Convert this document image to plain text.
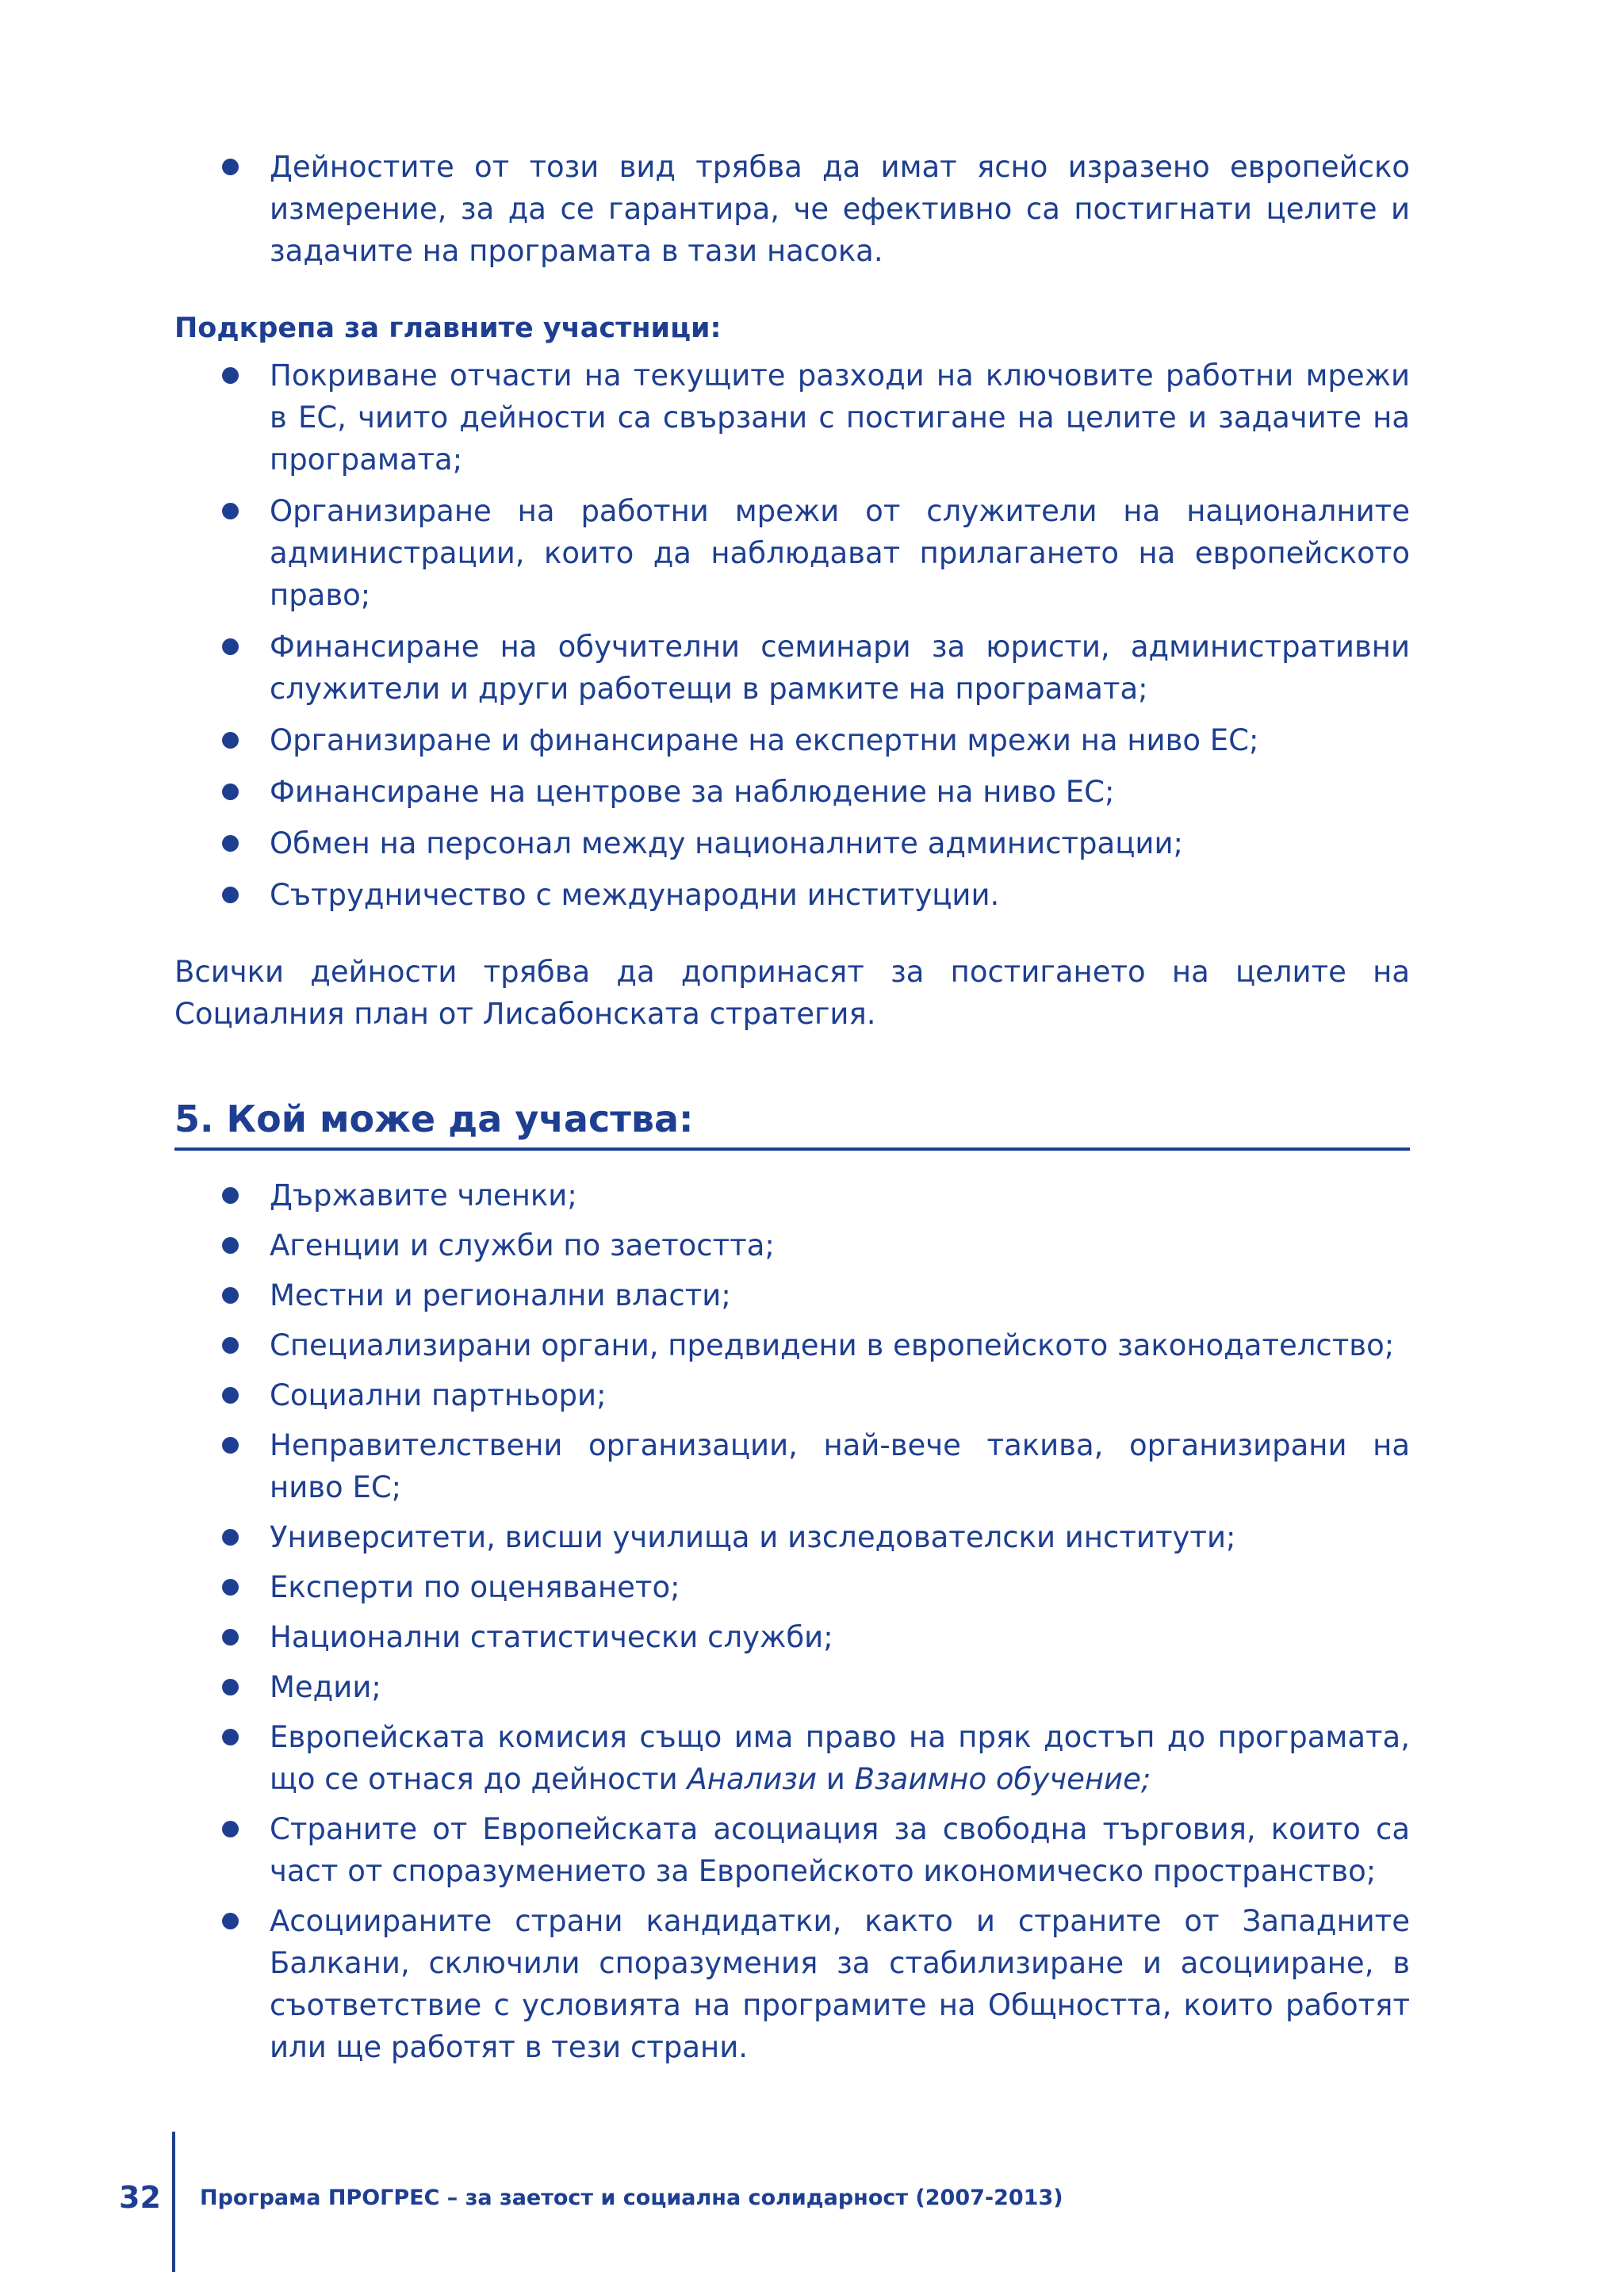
Дейностите от този вид трябва да имат ясно изразено европейско измерение, за да се гарантира, че ефективно са постигнати целите и задачите на програмата в тази насока.
Подкрепа за главните участници:
Покриване отчасти на текущите разходи на ключовите работни мрежи в ЕС, чиито дейности са свързани с постигане на целите и задачите на програмата;
Организиране на работни мрежи от служители на националните администрации, които да наблюдават прилагането на европейското право;
Финансиране на обучителни семинари за юристи, административни служители и други работещи в рамките на програмата;
Организиране и финансиране на експертни мрежи на ниво ЕС;
Финансиране на центрове за наблюдение на ниво ЕС;
Обмен на персонал между националните администрации;
Сътрудничество с международни институции.

Всички дейности трябва да допринасят за постигането на целите на Социалния план от Лисабонската стратегия.

5. Кой може да участва:
Държавите членки;
Агенции и служби по заетостта;
Местни и регионални власти;
Специализирани органи, предвидени в европейското законодателство;
Социални партньори;
Неправителствени организации, най-вече такива, организирани на ниво ЕС;
Университети, висши училища и изследователски институти;
Експерти по оценяването;
Национални статистически служби;
Медии;
Европейската комисия също има право на пряк достъп до програмата, що се отнася до дейности Анализи и Взаимно обучение;
Страните от Европейската асоциация за свободна търговия, които са част от споразумението за Европейското икономическо пространство;
Асоциираните страни кандидатки, както и страните от Западните Балкани, сключили споразумения за стабилизиране и асоцииране, в съответствие с условията на програмите на Общността, които работят или ще работят в тези страни.
32 Програма ПРОГРЕС – за заетост и социална солидарност (2007-2013)
